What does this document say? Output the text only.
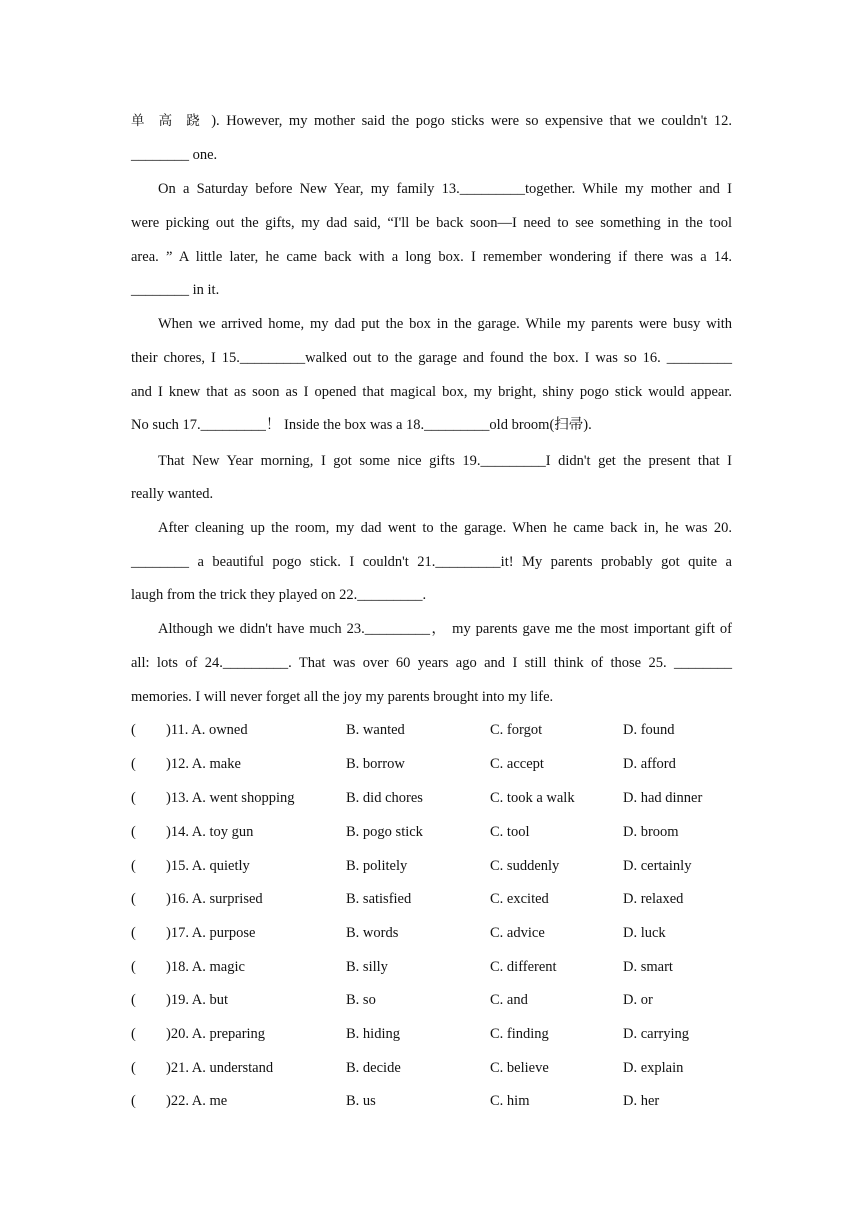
单 高 跷 ). However, my mother said the pogo sticks were so expensive that we couldn't 12.
________ one.
On a Saturday before New Year, my family 13._________together. While my mother and I
were picking out the gifts, my dad said, “I'll be back soon—I need to see something in the tool
area. ” A little later, he came back with a long box. I remember wondering if there was a 14.
________ in it.
When we arrived home, my dad put the box in the garage. While my parents were busy with
their chores, I 15._________walked out to the garage and found the box. I was so 16. _________
and I knew that as soon as I opened that magical box, my bright, shiny pogo stick would appear.
No such 17._________！ Inside the box was a 18._________old broom(扫帚).
That New Year morning, I got some nice gifts 19._________I didn't get the present that I
really wanted.
After cleaning up the room, my dad went to the garage. When he came back in, he was 20.
________ a beautiful pogo stick. I couldn't 21._________it! My parents probably got quite a
laugh from the trick they played on 22._________.
Although we didn't have much 23._________， my parents gave me the most important gift of
all: lots of 24._________. That was over 60 years ago and I still think of those 25. ________
memories. I will never forget all the joy my parents brought into my life.
( )11. A. owned	B. wanted	C. forgot	D. found
( )12. A. make	B. borrow	C. accept	D. afford
( )13. A. went shopping	B. did chores	C. took a walk	D. had dinner
( )14. A. toy gun	B. pogo stick	C. tool	D. broom
( )15. A. quietly	B. politely	C. suddenly	D. certainly
( )16. A. surprised	B. satisfied	C. excited	D. relaxed
( )17. A. purpose	B. words	C. advice	D. luck
( )18. A. magic	B. silly	C. different	D. smart
( )19. A. but	B. so	C. and	D. or
( )20. A. preparing	B. hiding	C. finding	D. carrying
( )21. A. understand	B. decide	C. believe	D. explain
( )22. A. me	B. us	C. him	D. her
